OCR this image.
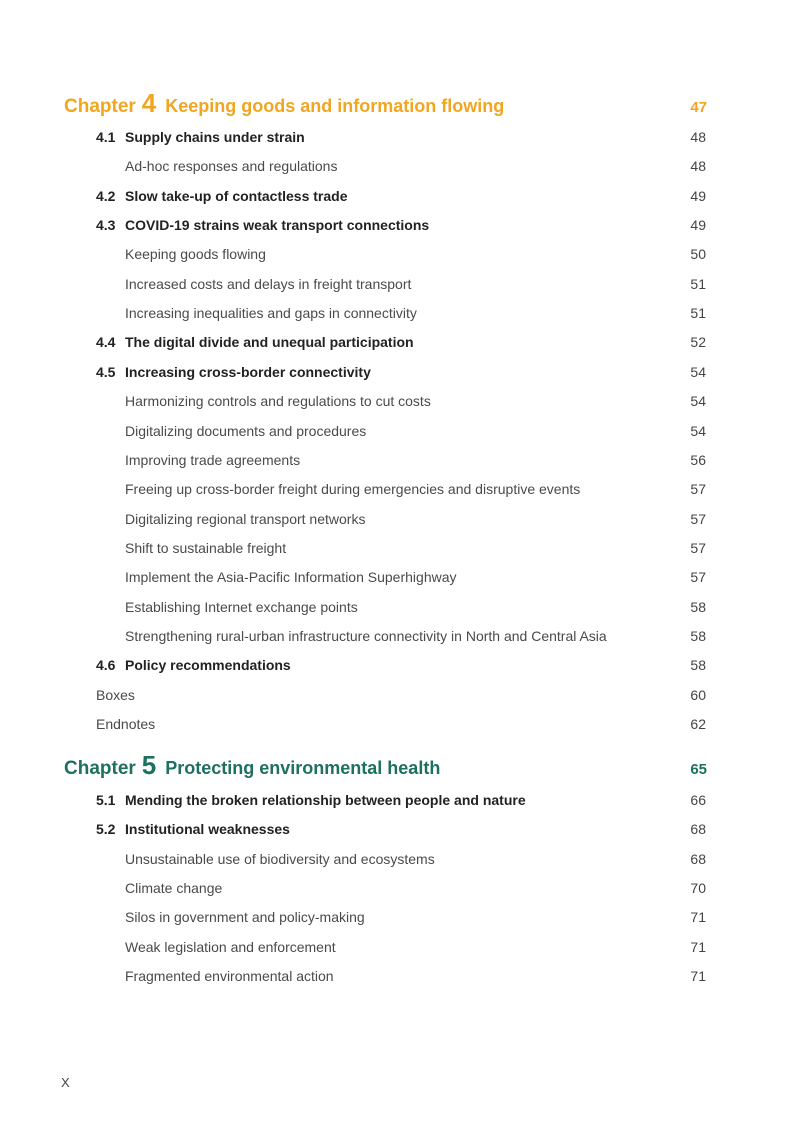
Chapter 4 Keeping goods and information flowing	47
4.1 Supply chains under strain	48
Ad-hoc responses and regulations	48
4.2 Slow take-up of contactless trade	49
4.3 COVID-19 strains weak transport connections	49
Keeping goods flowing	50
Increased costs and delays in freight transport	51
Increasing inequalities and gaps in connectivity	51
4.4 The digital divide and unequal participation	52
4.5 Increasing cross-border connectivity	54
Harmonizing controls and regulations to cut costs	54
Digitalizing documents and procedures	54
Improving trade agreements	56
Freeing up cross-border freight during emergencies and disruptive events	57
Digitalizing regional transport networks	57
Shift to sustainable freight	57
Implement the Asia-Pacific Information Superhighway	57
Establishing Internet exchange points	58
Strengthening rural-urban infrastructure connectivity in North and Central Asia	58
4.6 Policy recommendations	58
Boxes	60
Endnotes	62
Chapter 5 Protecting environmental health	65
5.1 Mending the broken relationship between people and nature	66
5.2 Institutional weaknesses	68
Unsustainable use of biodiversity and ecosystems	68
Climate change	70
Silos in government and policy-making	71
Weak legislation and enforcement	71
Fragmented environmental action	71
X
